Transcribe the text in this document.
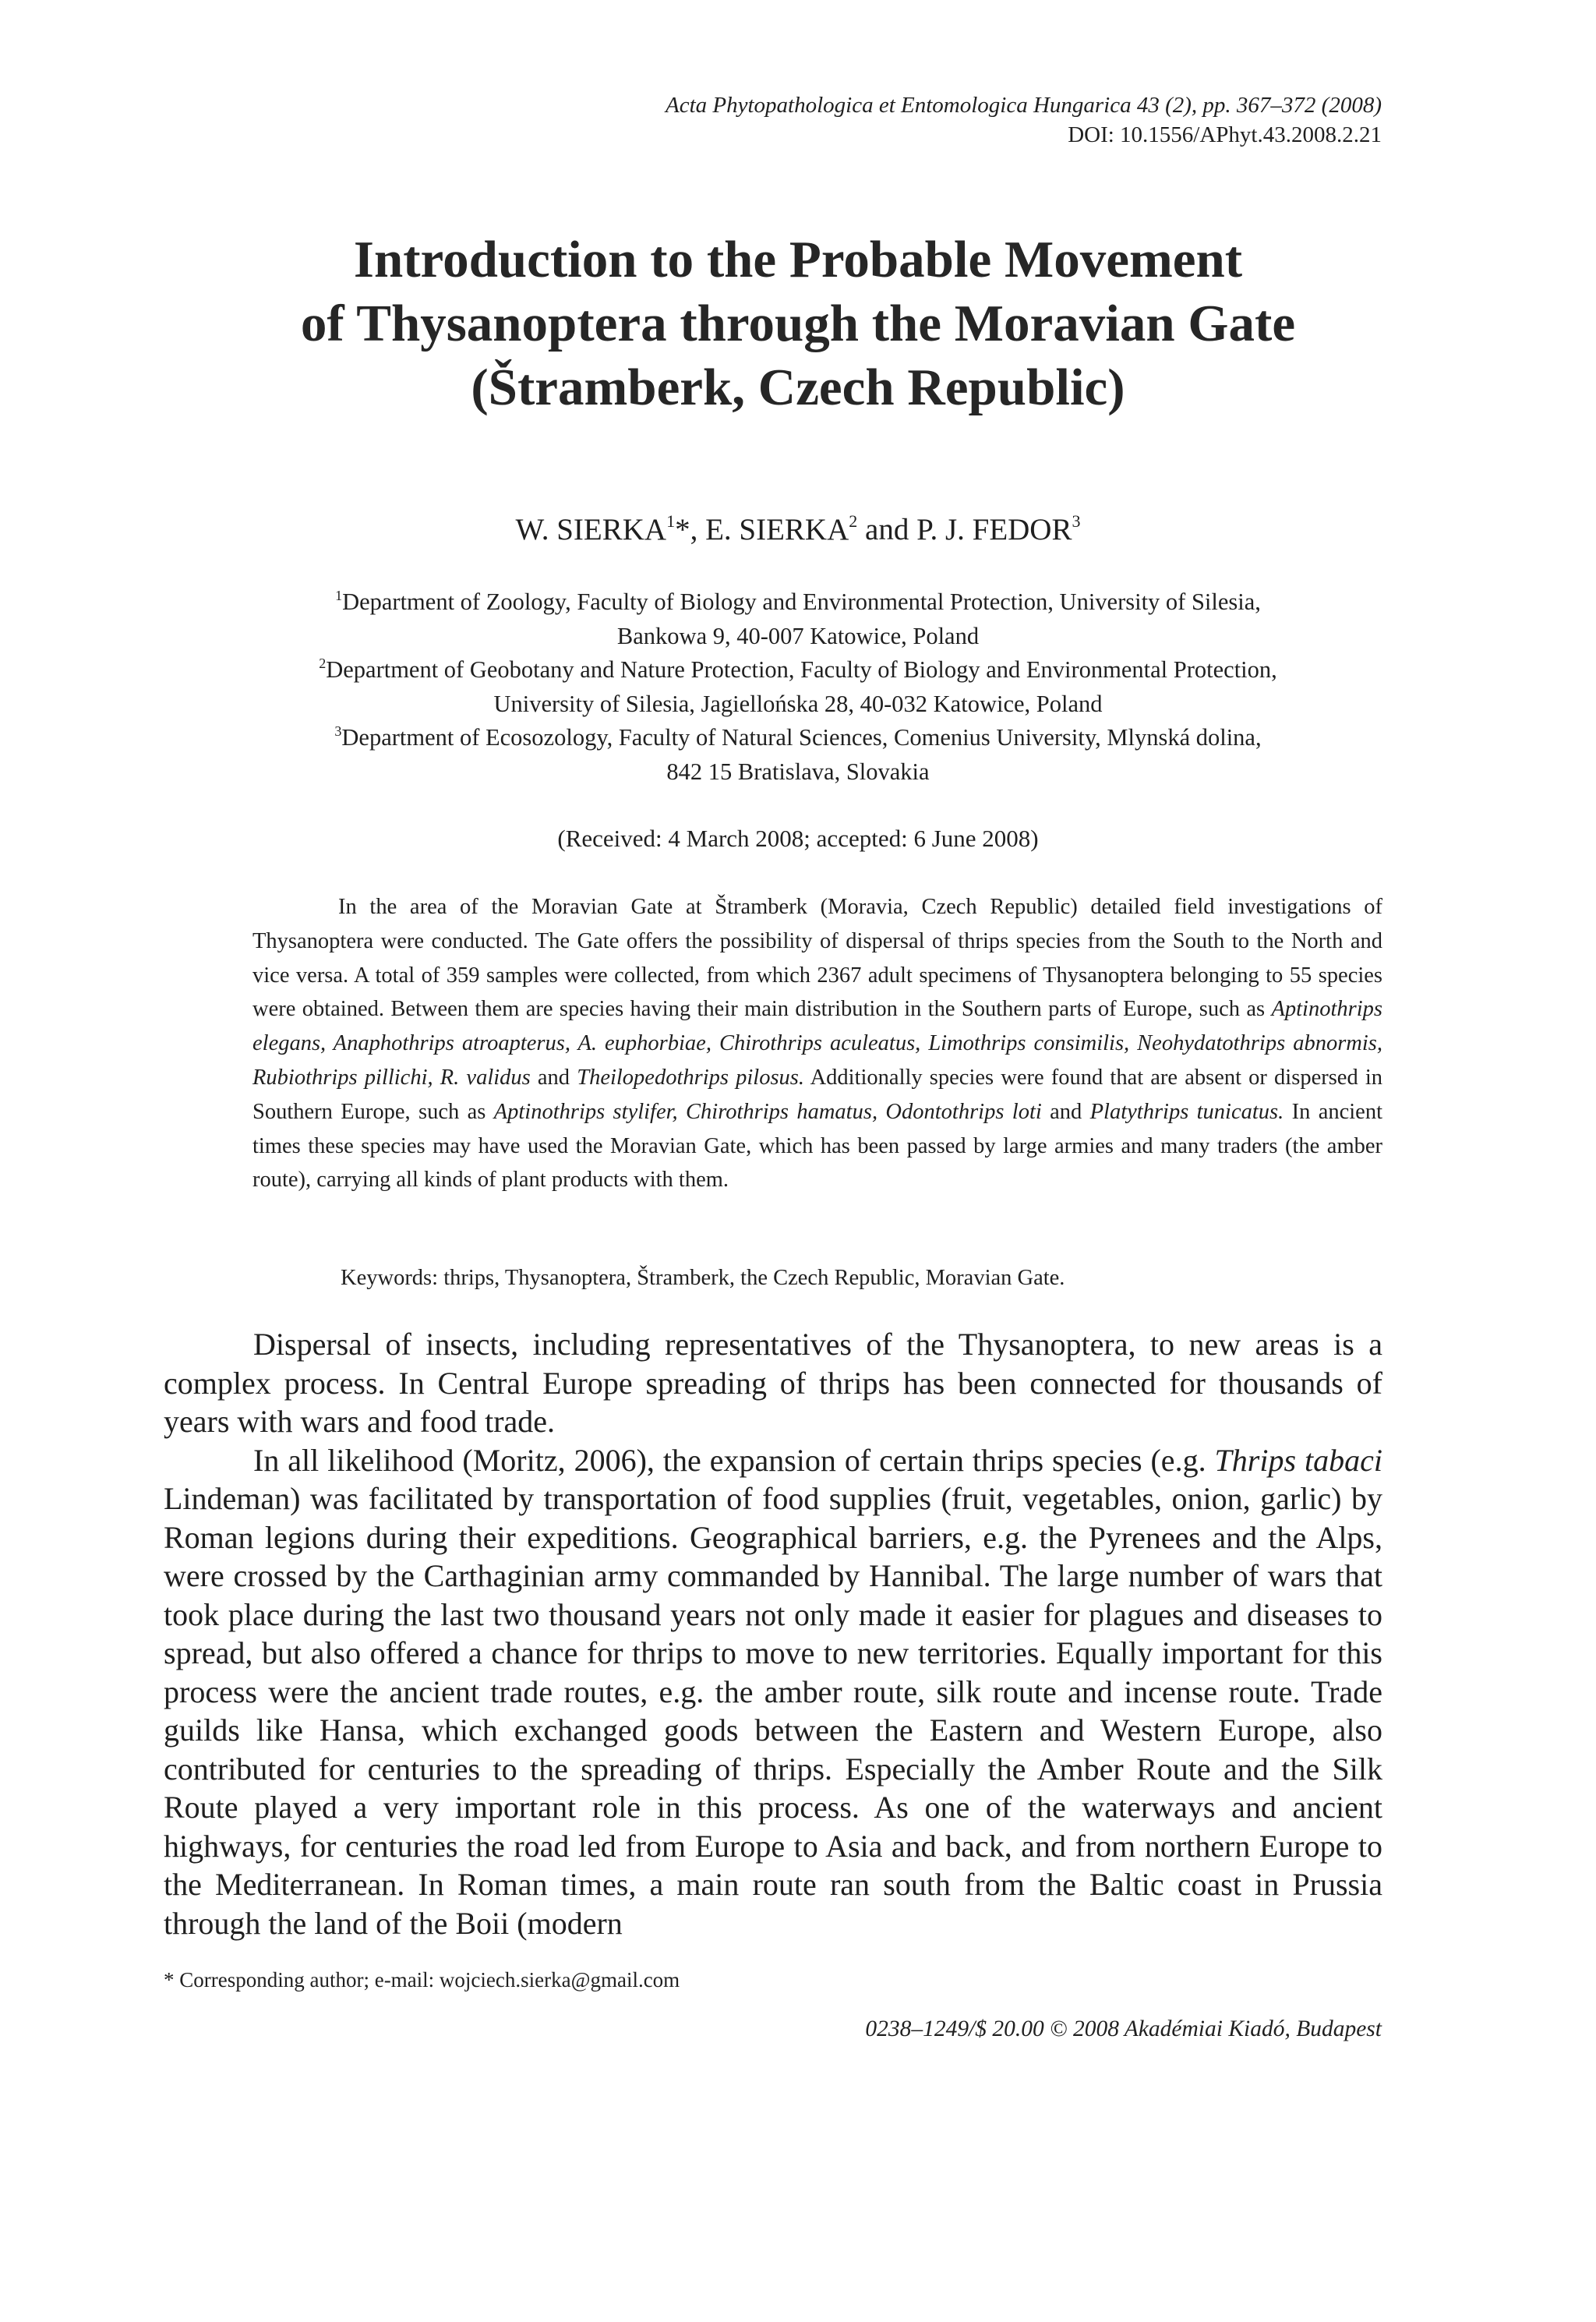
Acta Phytopathologica et Entomologica Hungarica 43 (2), pp. 367–372 (2008)
DOI: 10.1556/APhyt.43.2008.2.21
Introduction to the Probable Movement
of Thysanoptera through the Moravian Gate
(Štramberk, Czech Republic)
W. SIERKA$^1$*, E. SIERKA$^2$ and P. J. FEDOR$^3$
$^1$Department of Zoology, Faculty of Biology and Environmental Protection, University of Silesia,
Bankowa 9, 40-007 Katowice, Poland
$^2$Department of Geobotany and Nature Protection, Faculty of Biology and Environmental Protection,
University of Silesia, Jagiellońska 28, 40-032 Katowice, Poland
$^3$Department of Ecosozology, Faculty of Natural Sciences, Comenius University, Mlynská dolina,
842 15 Bratislava, Slovakia
(Received: 4 March 2008; accepted: 6 June 2008)
In the area of the Moravian Gate at Štramberk (Moravia, Czech Republic) detailed field investigations of Thysanoptera were conducted. The Gate offers the possibility of dispersal of thrips species from the South to the North and vice versa. A total of 359 samples were collected, from which 2367 adult specimens of Thysanoptera belonging to 55 species were obtained. Between them are species having their main distribution in the Southern parts of Europe, such as Aptinothrips elegans, Anaphothrips atroapterus, A. euphorbiae, Chirothrips aculeatus, Limothrips consimilis, Neohydatothrips abnormis, Rubiothrips pillichi, R. validus and Theilopedothrips pilosus. Additionally species were found that are absent or dispersed in Southern Europe, such as Aptinothrips stylifer, Chirothrips hamatus, Odontothrips loti and Platythrips tunicatus. In ancient times these species may have used the Moravian Gate, which has been passed by large armies and many traders (the amber route), carrying all kinds of plant products with them.
Keywords: thrips, Thysanoptera, Štramberk, the Czech Republic, Moravian Gate.

Dispersal of insects, including representatives of the Thysanoptera, to new areas is a complex process. In Central Europe spreading of thrips has been connected for thousands of years with wars and food trade.

In all likelihood (Moritz, 2006), the expansion of certain thrips species (e.g. Thrips tabaci Lindeman) was facilitated by transportation of food supplies (fruit, vegetables, onion, garlic) by Roman legions during their expeditions. Geographical barriers, e.g. the Pyrenees and the Alps, were crossed by the Carthaginian army commanded by Hannibal. The large number of wars that took place during the last two thousand years not only made it easier for plagues and diseases to spread, but also offered a chance for thrips to move to new territories. Equally important for this process were the ancient trade routes, e.g. the amber route, silk route and incense route. Trade guilds like Hansa, which exchanged goods between the Eastern and Western Europe, also contributed for centuries to the spreading of thrips. Especially the Amber Route and the Silk Route played a very important role in this process. As one of the waterways and ancient highways, for centuries the road led from Europe to Asia and back, and from northern Europe to the Mediterranean. In Roman times, a main route ran south from the Baltic coast in Prussia through the land of the Boii (modern

* Corresponding author; e-mail: wojciech.sierka@gmail.com
0238–1249/$ 20.00 © 2008 Akadémiai Kiadó, Budapest
